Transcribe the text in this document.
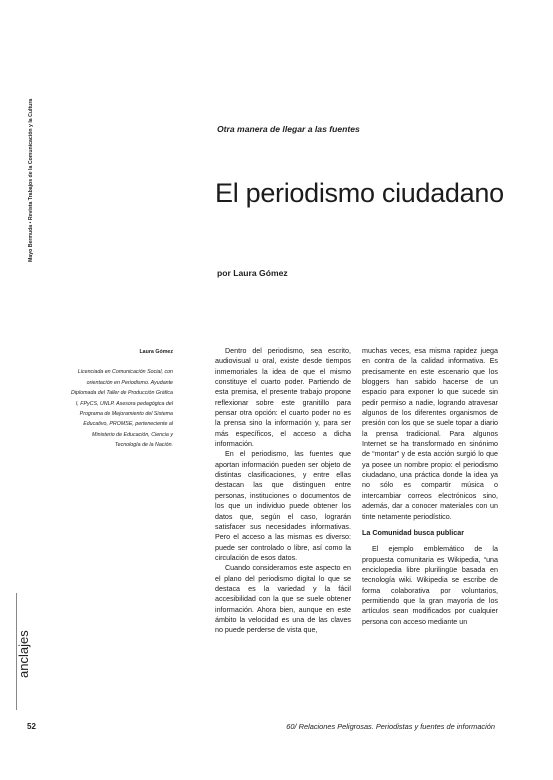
Mayo Bermuda • Revista Trabajos de la Comunicación y la Cultura	Otra manera de llegar a las fuentes
El periodismo ciudadano
por Laura Gómez
Laura Gómez
Licenciada en Comunicación Social, con orientación en Periodismo. Ayudante Diplomada del Taller de Producción Gráfica I, FPyCS, UNLP. Asesora pedagógica del Programa de Mejoramiento del Sistema Educativo, PROMSE, perteneciente al Ministerio de Educación, Ciencia y Tecnología de la Nación.

Dentro del periodismo, sea escrito, audiovisual u oral, existe desde tiempos inmemoriales la idea de que el mismo constituye el cuarto poder. Partiendo de esta premisa, el presente trabajo propone reflexionar sobre este granitillo para pensar otra opción: el cuarto poder no es la prensa sino la información y, para ser más específicos, el acceso a dicha información.

En el periodismo, las fuentes que aportan información pueden ser objeto de distintas clasificaciones, y entre ellas destacan las que distinguen entre personas, instituciones o documentos de los que un individuo puede obtener los datos que, según el caso, lograrán satisfacer sus necesidades informativas. Pero el acceso a las mismas es diverso: puede ser controlado o libre, así como la circulación de esos datos.

Cuando consideramos este aspecto en el plano del periodismo digital lo que se destaca es la variedad y la fácil accesibilidad con la que se suele obtener información. Ahora bien, aunque en este ámbito la velocidad es una de las claves no puede perderse de vista que,

muchas veces, esa misma rapidez juega en contra de la calidad informativa. Es precisamente en este escenario que los bloggers han sabido hacerse de un espacio para exponer lo que sucede sin pedir permiso a nadie, logrando atravesar algunos de los diferentes organismos de presión con los que se suele topar a diario la prensa tradicional. Para algunos Internet se ha transformado en sinónimo de “montar” y de esta acción surgió lo que ya posee un nombre propio: el periodismo ciudadano, una práctica donde la idea ya no sólo es compartir música o intercambiar correos electrónicos sino, además, dar a conocer materiales con un tinte netamente periodístico.

La Comunidad busca publicar

El ejemplo emblemático de la propuesta comunitaria es Wikipedia, “una enciclopedia libre plurilingüe basada en tecnología wiki. Wikipedia se escribe de forma colaborativa por voluntarios, permitiendo que la gran mayoría de los artículos sean modificados por cualquier persona con acceso mediante un

anclajes
52	60/ Relaciones Peligrosas. Periodistas y fuentes de información
